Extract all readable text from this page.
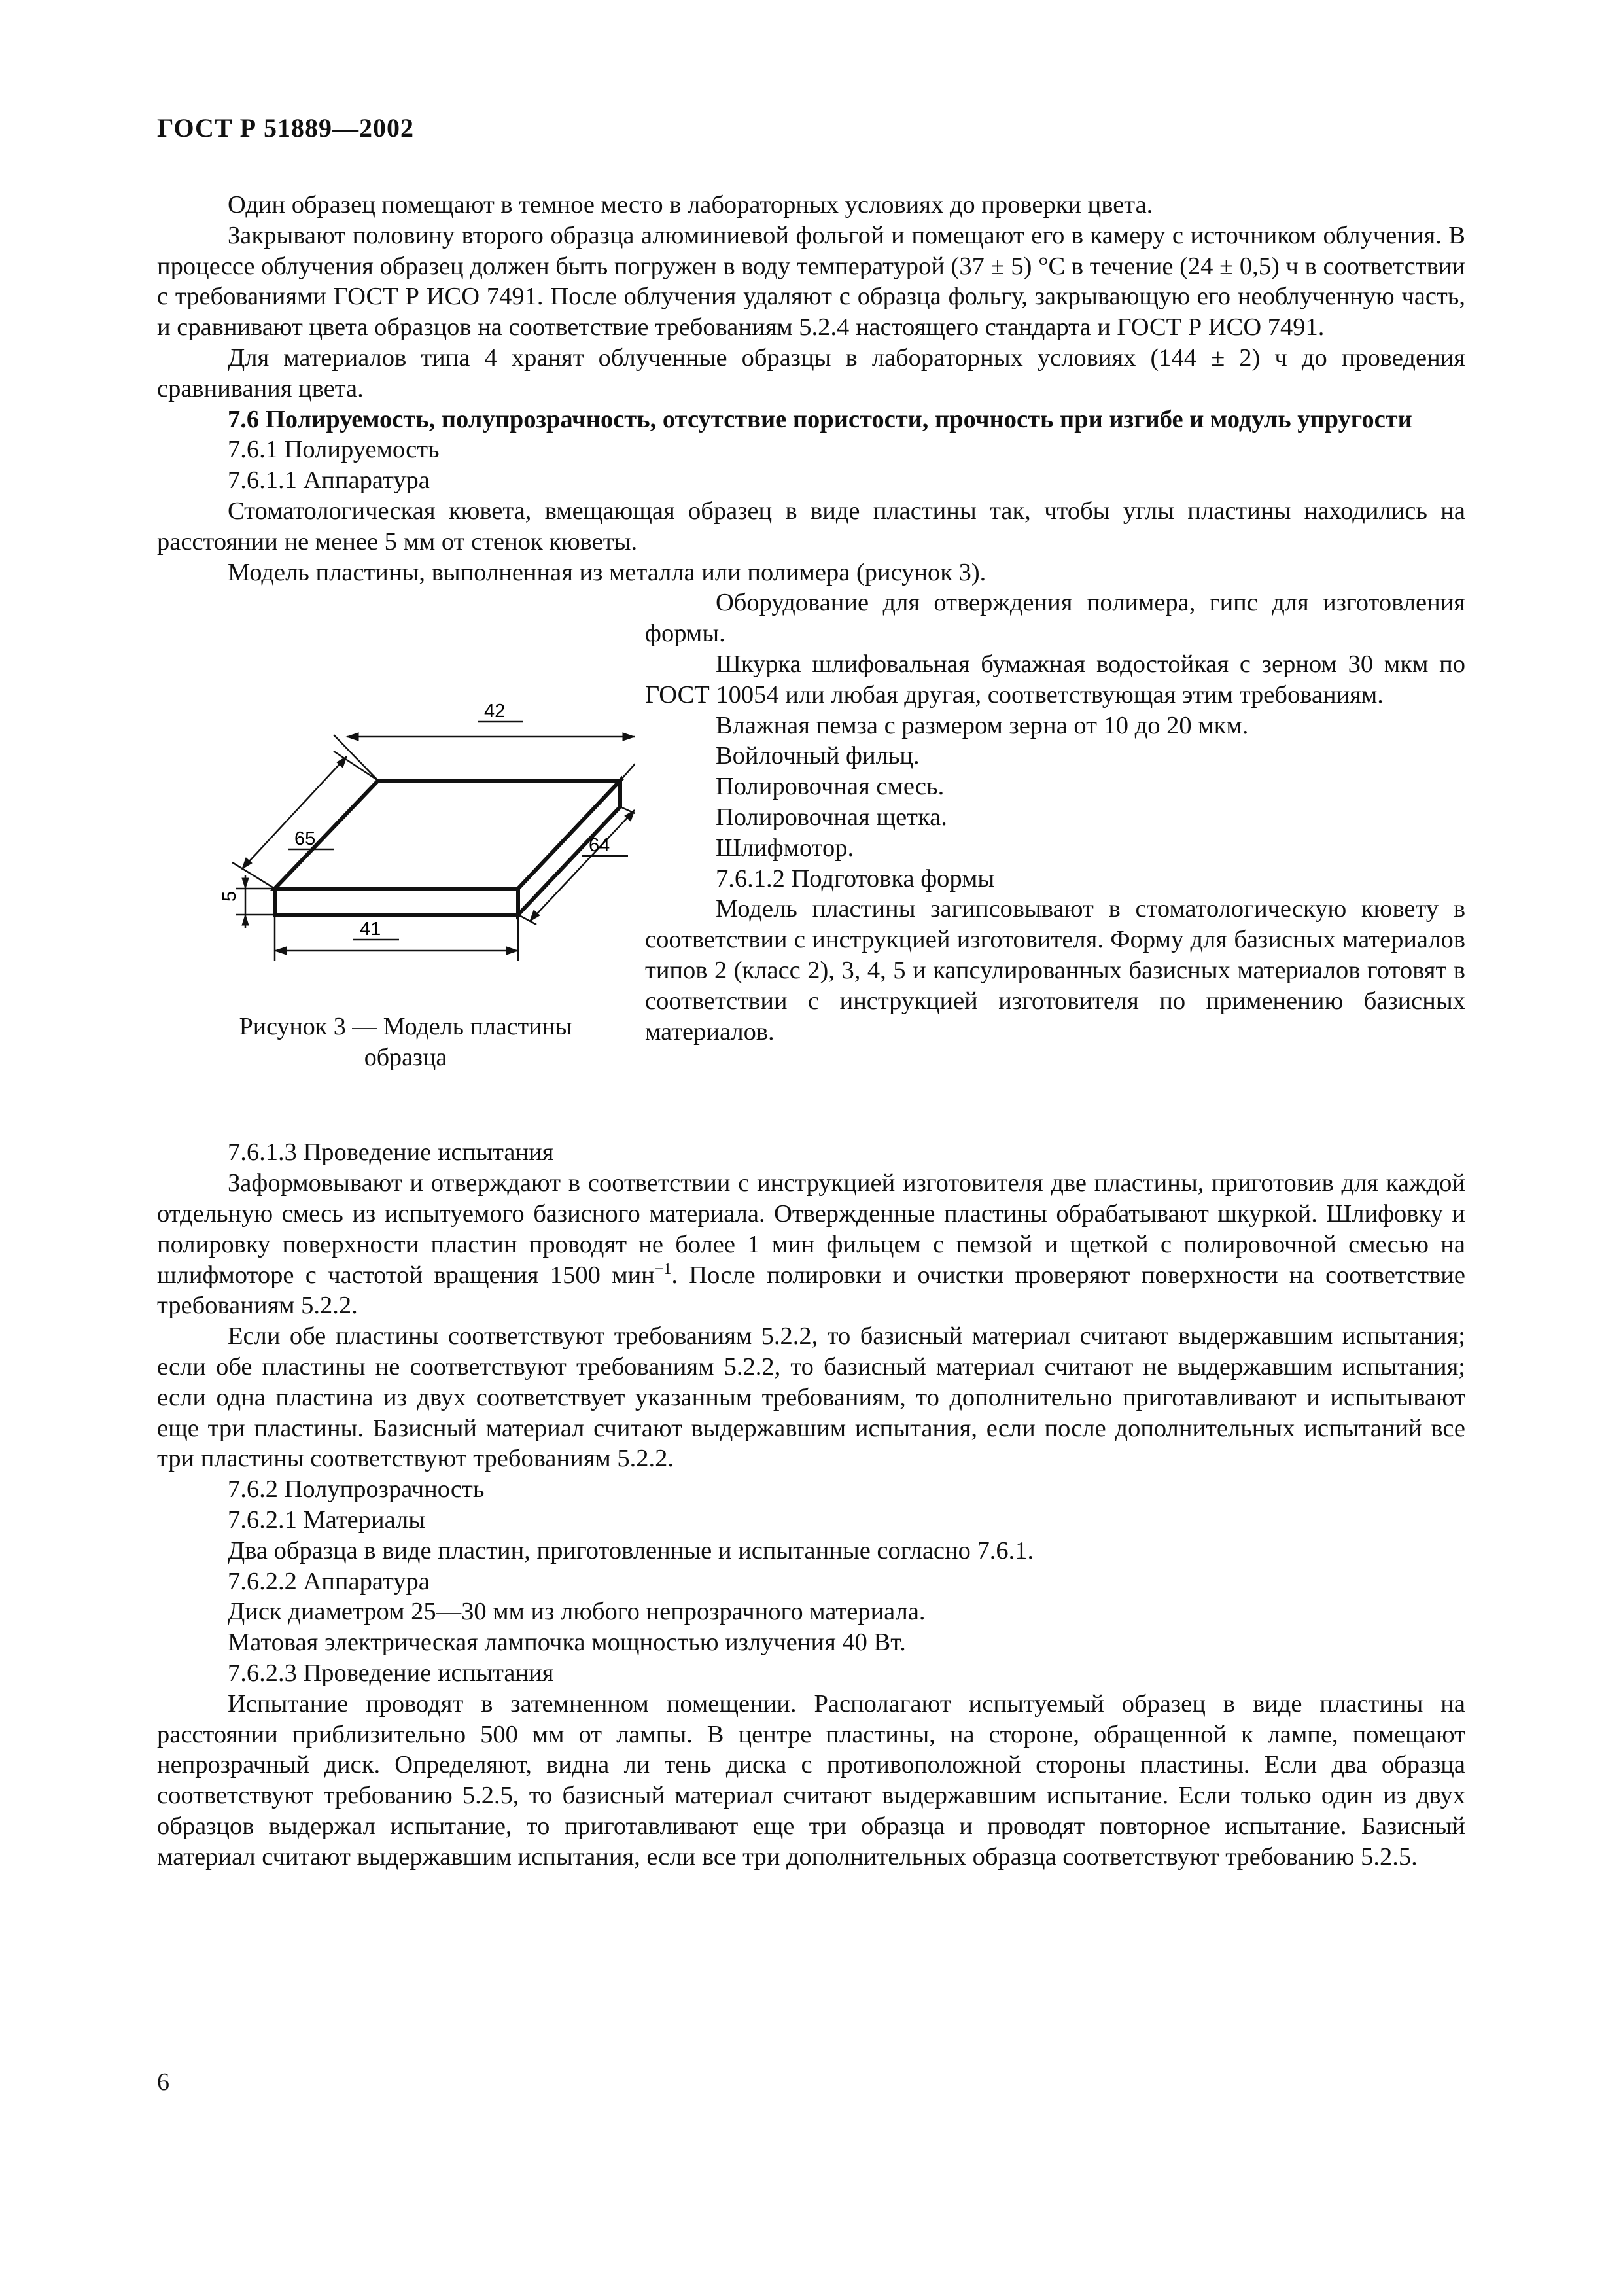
ГОСТ Р 51889—2002

Один образец помещают в темное место в лабораторных условиях до проверки цвета.

Закрывают половину второго образца алюминиевой фольгой и помещают его в камеру с источником облучения. В процессе облучения образец должен быть погружен в воду температурой (37 ± 5) °С в течение (24 ± 0,5) ч в соответствии с требованиями ГОСТ Р ИСО 7491. После облучения удаляют с образца фольгу, закрывающую его необлученную часть, и сравнивают цвета образцов на соответствие требованиям 5.2.4 настоящего стандарта и ГОСТ Р ИСО 7491.

Для материалов типа 4 хранят облученные образцы в лабораторных условиях (144 ± 2) ч до проведения сравнивания цвета.

7.6 Полируемость, полупрозрачность, отсутствие пористости, прочность при изгибе и модуль упругости

7.6.1 Полируемость

7.6.1.1 Аппаратура

Стоматологическая кювета, вмещающая образец в виде пластины так, чтобы углы пластины находились на расстоянии не менее 5 мм от стенок кюветы.

Модель пластины, выполненная из металла или полимера (рисунок 3).

42
65	64
5
41
Рисунок 3 — Модель пластины
образца

Оборудование для отверждения полимера, гипс для изготовления формы.

Шкурка шлифовальная бумажная водостойкая с зерном 30 мкм по ГОСТ 10054 или любая другая, соответствующая этим требованиям.

Влажная пемза с размером зерна от 10 до 20 мкм.

Войлочный фильц.

Полировочная смесь.

Полировочная щетка.

Шлифмотор.

7.6.1.2 Подготовка формы

Модель пластины загипсовывают в стоматологическую кювету в соответствии с инструкцией изготовителя. Форму для базисных материалов типов 2 (класс 2), 3, 4, 5 и капсулированных базисных материалов готовят в соответствии с инструкцией изготовителя по применению базисных материалов.

7.6.1.3 Проведение испытания

Заформовывают и отверждают в соответствии с инструкцией изготовителя две пластины, приготовив для каждой отдельную смесь из испытуемого базисного материала. Отвержденные пластины обрабатывают шкуркой. Шлифовку и полировку поверхности пластин проводят не более 1 мин фильцем с пемзой и щеткой с полировочной смесью на шлифмоторе с частотой вращения 1500 мин$^{-1}$. После полировки и очистки проверяют поверхности на соответствие требованиям 5.2.2.

Если обе пластины соответствуют требованиям 5.2.2, то базисный материал считают выдержавшим испытания; если обе пластины не соответствуют требованиям 5.2.2, то базисный материал считают не выдержавшим испытания; если одна пластина из двух соответствует указанным требованиям, то дополнительно приготавливают и испытывают еще три пластины. Базисный материал считают выдержавшим испытания, если после дополнительных испытаний все три пластины соответствуют требованиям 5.2.2.

7.6.2 Полупрозрачность

7.6.2.1 Материалы

Два образца в виде пластин, приготовленные и испытанные согласно 7.6.1.

7.6.2.2 Аппаратура

Диск диаметром 25—30 мм из любого непрозрачного материала.

Матовая электрическая лампочка мощностью излучения 40 Вт.

7.6.2.3 Проведение испытания

Испытание проводят в затемненном помещении. Располагают испытуемый образец в виде пластины на расстоянии приблизительно 500 мм от лампы. В центре пластины, на стороне, обращенной к лампе, помещают непрозрачный диск. Определяют, видна ли тень диска с противоположной стороны пластины. Если два образца соответствуют требованию 5.2.5, то базисный материал считают выдержавшим испытание. Если только один из двух образцов выдержал испытание, то приготавливают еще три образца и проводят повторное испытание. Базисный материал считают выдержавшим испытания, если все три дополнительных образца соответствуют требованию 5.2.5.

6
